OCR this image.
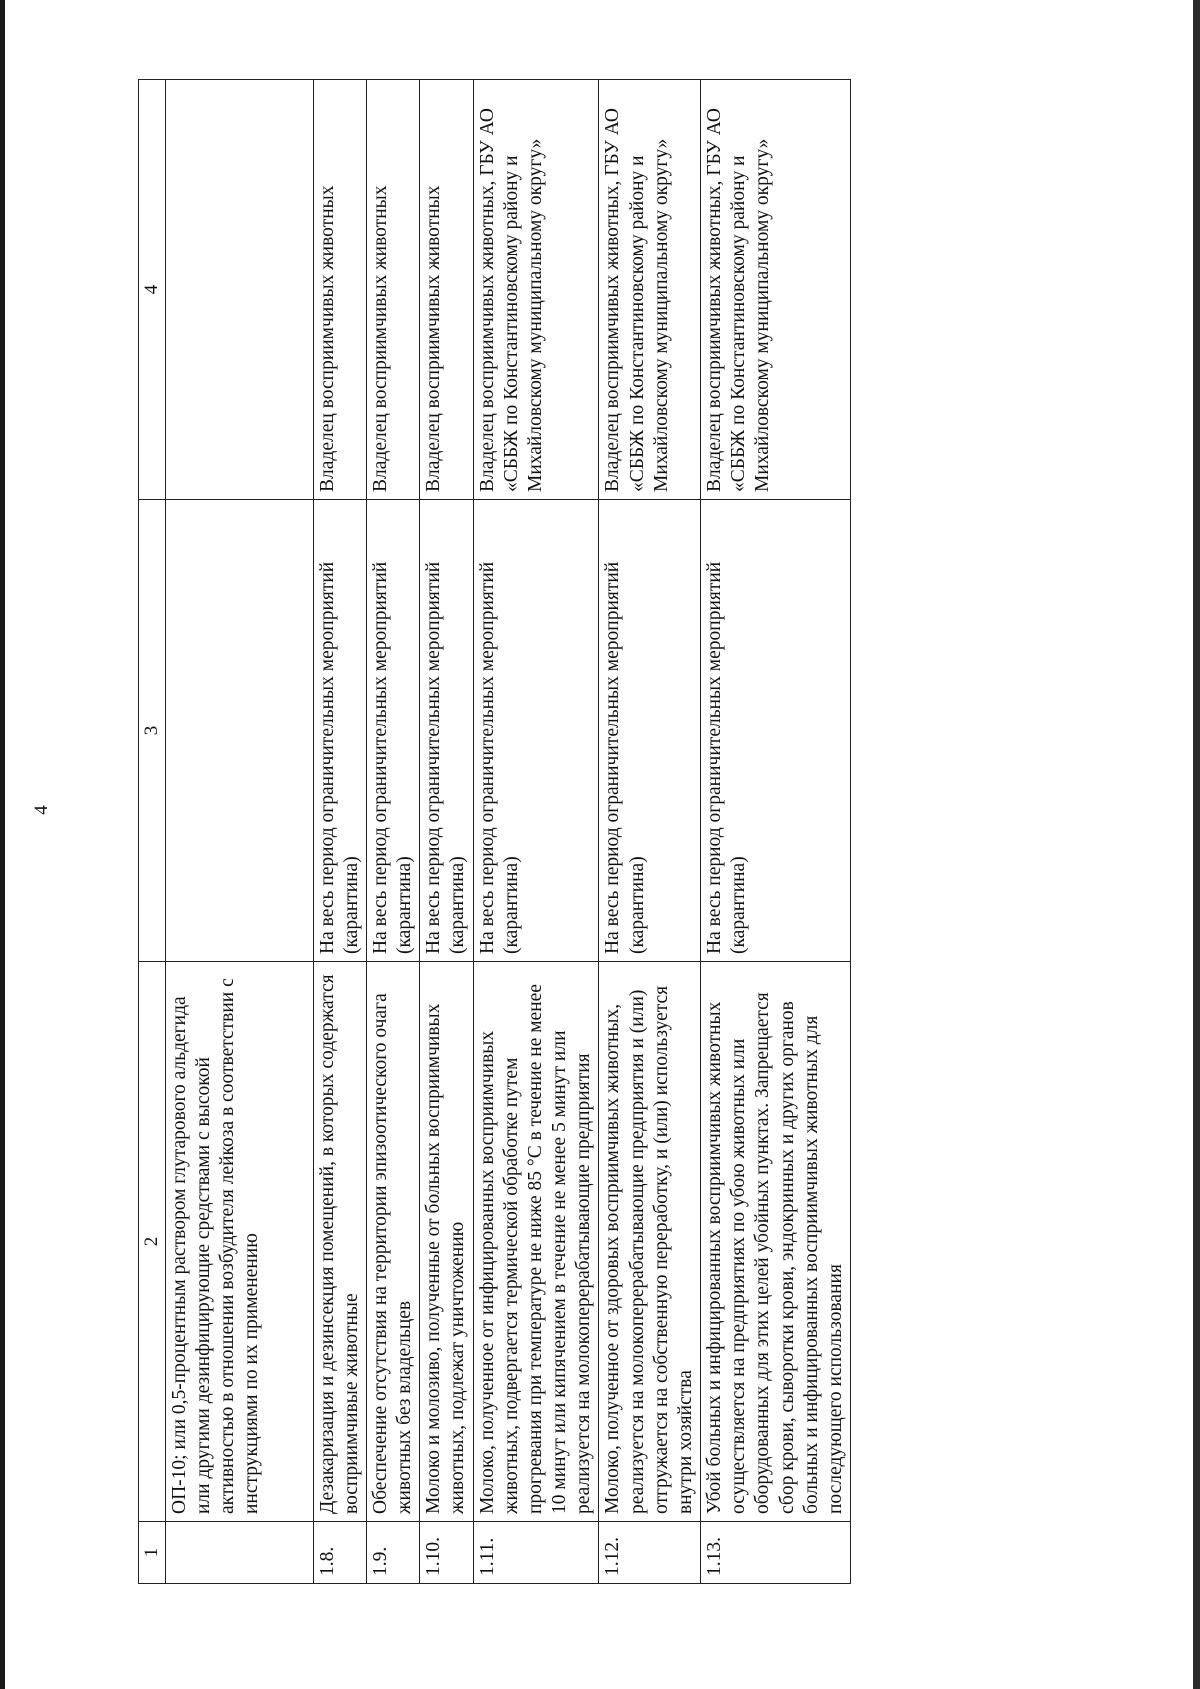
4
1	2	3	4
	ОП-10; или 0,5-процентным раствором глутарового альдегида или другими дезинфицирующие средствами с высокой активностью в отношении возбудителя лейкоза в соответствии с инструкциями по их применению		
1.8.	Дезакаризация и дезинсекция помещений, в которых содержатся восприимчивые животные	На весь период ограничительных мероприятий (карантина)	Владелец восприимчивых животных
1.9.	Обеспечение отсутствия на территории эпизоотического очага животных без владельцев	На весь период ограничительных мероприятий (карантина)	Владелец восприимчивых животных
1.10.	Молоко и молозиво, полученные от больных восприимчивых животных, подлежат уничтожению	На весь период ограничительных мероприятий (карантина)	Владелец восприимчивых животных
1.11.	Молоко, полученное от инфицированных восприимчивых животных, подвергается термической обработке путем прогревания при температуре не ниже 85 °С в течение не менее 10 минут или кипячением в течение не менее 5 минут или реализуется на молокоперерабатывающие предприятия	На весь период ограничительных мероприятий (карантина)	Владелец восприимчивых животных, ГБУ АО «СББЖ по Константиновскому району и Михайловскому муниципальному округу»
1.12.	Молоко, полученное от здоровых восприимчивых животных, реализуется на молокоперерабатывающие предприятия и (или) отгружается на собственную переработку, и (или) используется внутри хозяйства	На весь период ограничительных мероприятий (карантина)	Владелец восприимчивых животных, ГБУ АО «СББЖ по Константиновскому району и Михайловскому муниципальному округу»
1.13.	Убой больных и инфицированных восприимчивых животных осуществляется на предприятиях по убою животных или оборудованных для этих целей убойных пунктах. Запрещается сбор крови, сыворотки крови, эндокринных и других органов больных и инфицированных восприимчивых животных для последующего использования	На весь период ограничительных мероприятий (карантина)	Владелец восприимчивых животных, ГБУ АО «СББЖ по Константиновскому району и Михайловскому муниципальному округу»
